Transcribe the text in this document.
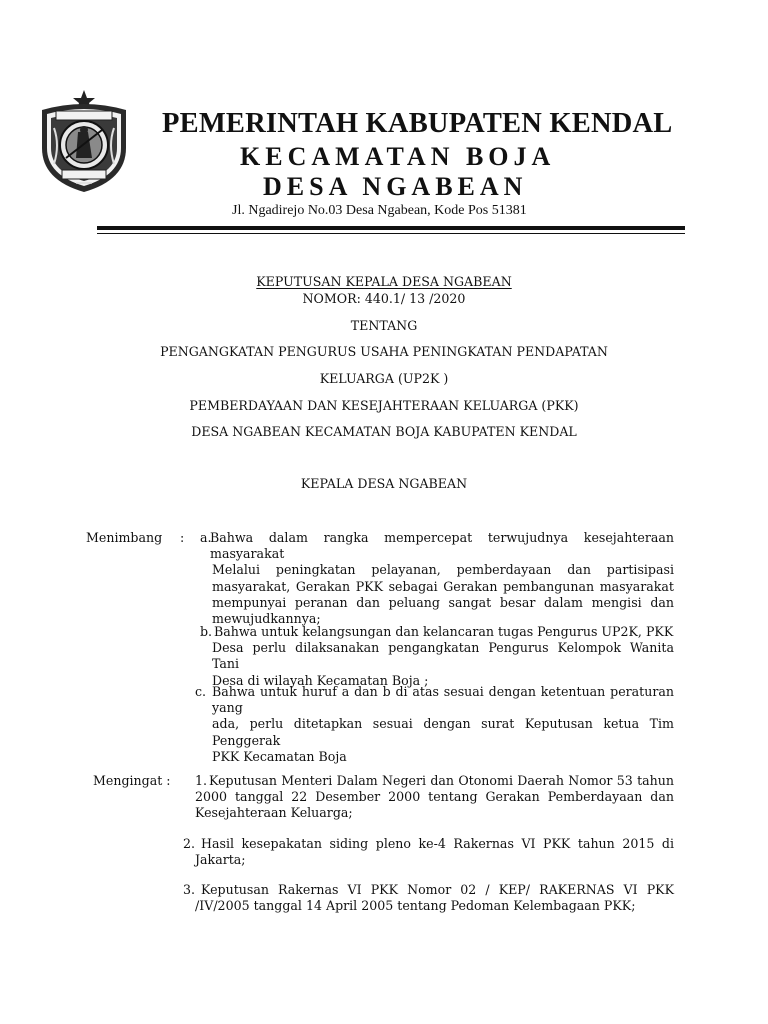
PEMERINTAH KABUPATEN KENDAL
KECAMATAN BOJA
DESA NGABEAN
Jl. Ngadirejo No.03 Desa Ngabean, Kode Pos 51381
KEPUTUSAN KEPALA DESA NGABEAN
NOMOR: 440.1/ 13 /2020
TENTANG
PENGANGKATAN PENGURUS USAHA PENINGKATAN PENDAPATAN
KELUARGA (UP2K )
PEMBERDAYAAN DAN KESEJAHTERAAN KELUARGA (PKK)
DESA NGABEAN KECAMATAN BOJA KABUPATEN KENDAL
KEPALA DESA NGABEAN
Menimbang : a.
Bahwa dalam rangka mempercepat terwujudnya kesejahteraan masyarakat
Melalui peningkatan pelayanan, pemberdayaan dan partisipasi
masyarakat, Gerakan PKK sebagai Gerakan pembangunan masyarakat
mempunyai peranan dan peluang sangat besar dalam mengisi dan
mewujudkannya;
b. Bahwa untuk kelangsungan dan kelancaran tugas Pengurus UP2K, PKK
Desa perlu dilaksanakan pengangkatan Pengurus Kelompok Wanita Tani
Desa di wilayah Kecamatan Boja ;
c. Bahwa untuk huruf a dan b di atas sesuai dengan ketentuan peraturan yang
ada, perlu ditetapkan sesuai dengan surat Keputusan ketua Tim Penggerak
PKK Kecamatan Boja
Mengingat : 1. Keputusan Menteri Dalam Negeri dan Otonomi Daerah Nomor 53 tahun
2000 tanggal 22 Desember 2000 tentang Gerakan Pemberdayaan dan
Kesejahteraan Keluarga;
2. Hasil kesepakatan siding pleno ke-4 Rakernas VI PKK tahun 2015 di
Jakarta;
3. Keputusan Rakernas VI PKK Nomor 02 / KEP/ RAKERNAS VI PKK
/IV/2005 tanggal 14 April 2005 tentang Pedoman Kelembagaan PKK;
